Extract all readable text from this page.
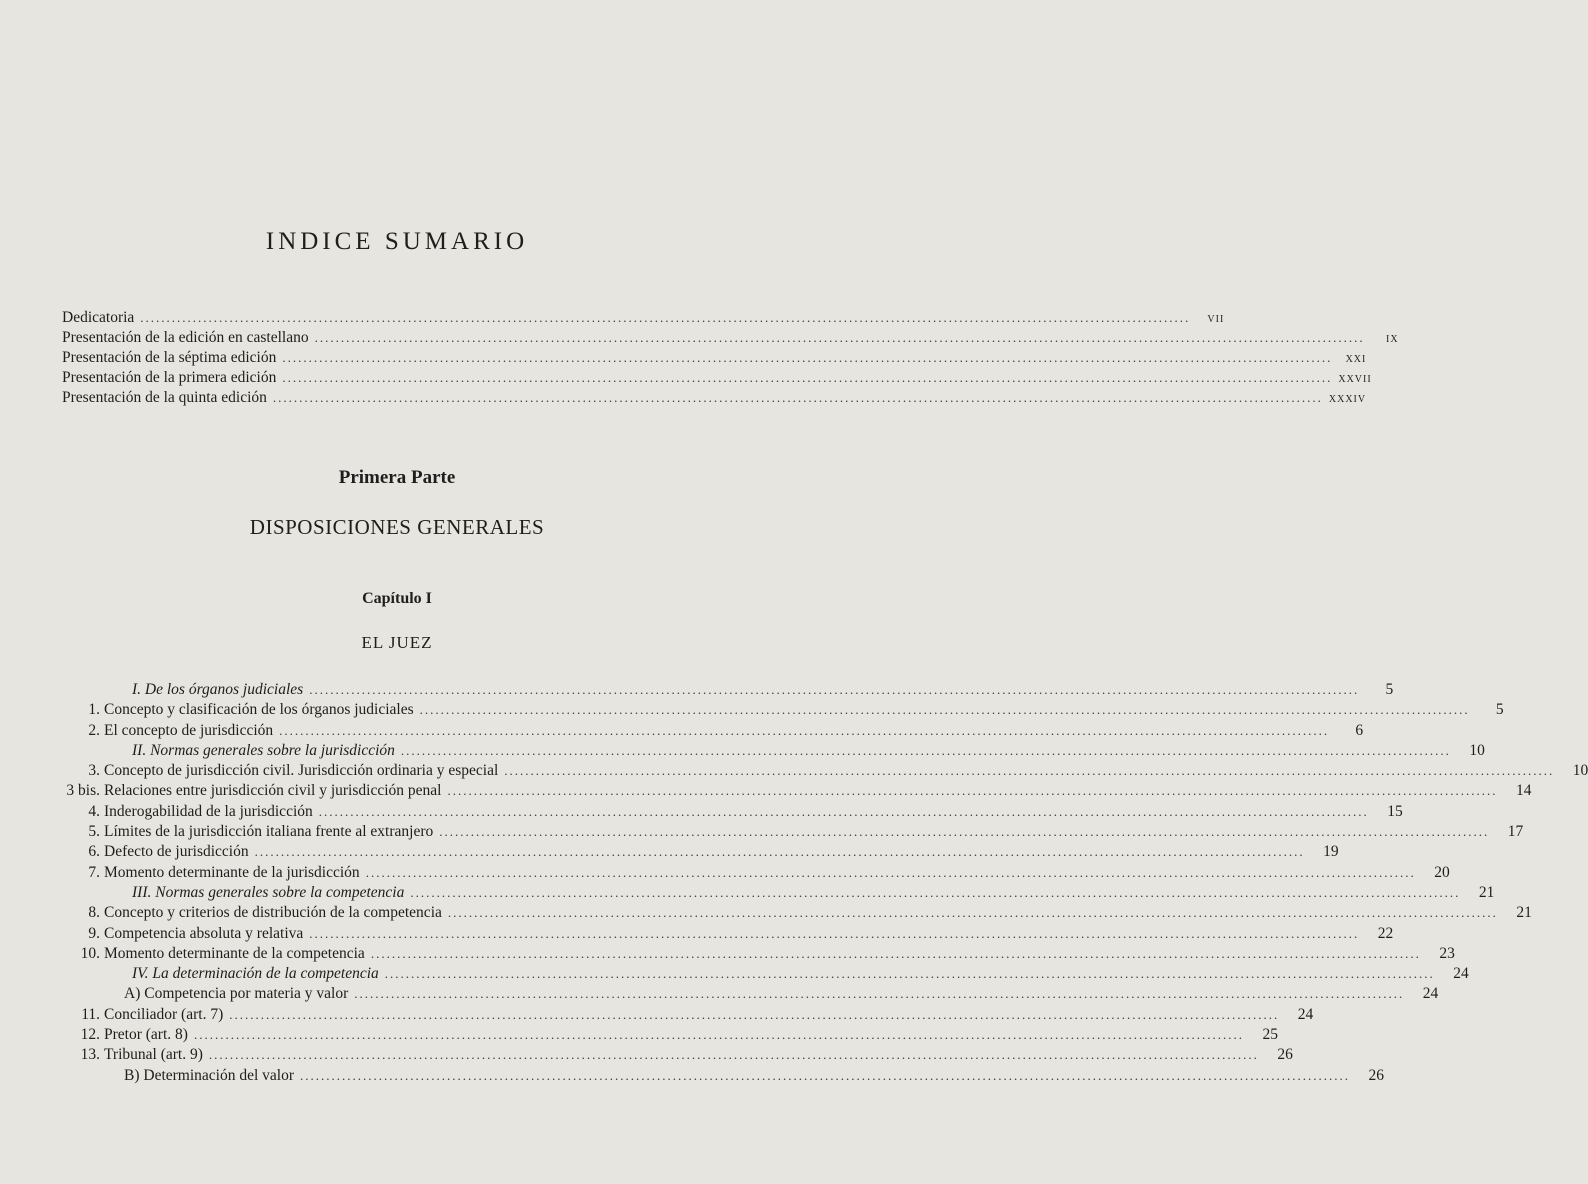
INDICE SUMARIO
Dedicatoria ........................................................................................................................................................................................................	vii
Presentación de la edición en castellano ........................................................................................................................................................................................................	ix
Presentación de la séptima edición ........................................................................................................................................................................................................ xxi
Presentación de la primera edición ........................................................................................................................................................................................................ xxvii
Presentación de la quinta edición ........................................................................................................................................................................................................ xxxiv
Primera Parte
DISPOSICIONES GENERALES
Capítulo I
EL JUEZ
I. De los órganos judiciales ........................................................................................................................................................................................................	5
1. Concepto y clasificación de los órganos judiciales ........................................................................................................................................................................................................	5
2. El concepto de jurisdicción ........................................................................................................................................................................................................	6
II. Normas generales sobre la jurisdicción ........................................................................................................................................................................................................	10
3. Concepto de jurisdicción civil. Jurisdicción ordinaria y especial ........................................................................................................................................................................................................	10
3 bis. Relaciones entre jurisdicción civil y jurisdicción penal ........................................................................................................................................................................................................	14
4. Inderogabilidad de la jurisdicción ........................................................................................................................................................................................................	15
5. Límites de la jurisdicción italiana frente al extranjero ........................................................................................................................................................................................................	17
6. Defecto de jurisdicción ........................................................................................................................................................................................................	19
7. Momento determinante de la jurisdicción ........................................................................................................................................................................................................	20
III. Normas generales sobre la competencia ........................................................................................................................................................................................................	21
8. Concepto y criterios de distribución de la competencia ........................................................................................................................................................................................................	21
9. Competencia absoluta y relativa ........................................................................................................................................................................................................	22
10. Momento determinante de la competencia ........................................................................................................................................................................................................	23
IV. La determinación de la competencia ........................................................................................................................................................................................................	24
A) Competencia por materia y valor ........................................................................................................................................................................................................	24
11. Conciliador (art. 7) ........................................................................................................................................................................................................	24
12. Pretor (art. 8) ........................................................................................................................................................................................................	25
13. Tribunal (art. 9) ........................................................................................................................................................................................................	26
B) Determinación del valor ........................................................................................................................................................................................................	26
